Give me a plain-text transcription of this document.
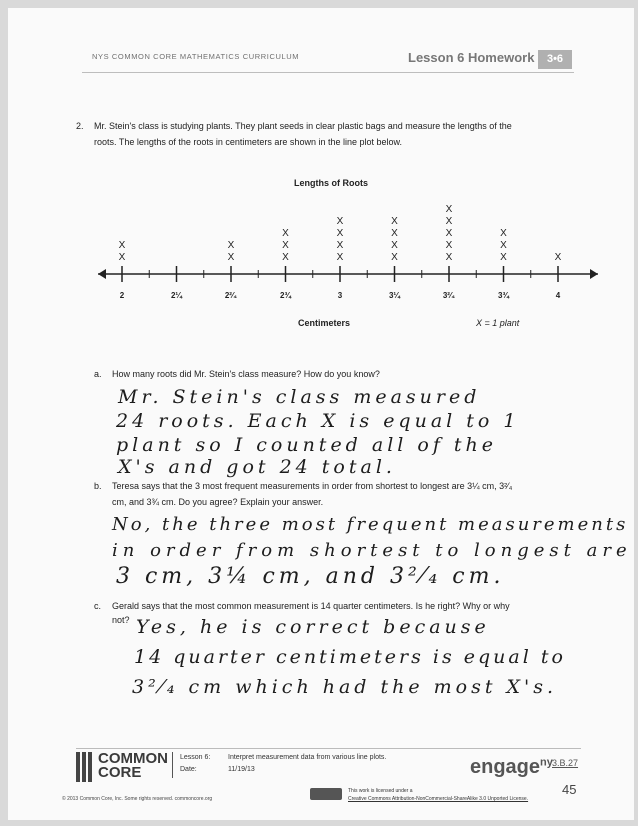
NYS COMMON CORE MATHEMATICS CURRICULUM	Lesson 6 Homework	3•6
2. Mr. Stein's class is studying plants. They plant seeds in clear plastic bags and measure the lengths of the
roots. The lengths of the roots in centimeters are shown in the line plot below.
Lengths of Roots
2
X
X
2¼	2²⁄₄
X
X
2¾
X
X
X
3
X
X
X
X
3¼
X
X
X
X
3²⁄₄
X
X
X
X
X
3¾
X
X
X
4
X
Centimeters	X = 1 plant
a. How many roots did Mr. Stein's class measure? How do you know?
Mr. Stein's class measured
24 roots. Each X is equal to 1
plant so I counted all of the
X's and got 24 total.
b. Teresa says that the 3 most frequent measurements in order from shortest to longest are 3¼ cm, 3²⁄₄
cm, and 3¾ cm. Do you agree? Explain your answer.
No, the three most frequent measurements
in order from shortest to longest are
3 cm, 3¼ cm, and 3²⁄₄ cm.
c. Gerald says that the most common measurement is 14 quarter centimeters. Is he right? Why or why
not? Yes, he is correct because
14 quarter centimeters is equal to
3²⁄₄ cm which had the most X's.
COMMON
CORE
Lesson 6:
Date:
Interpret measurement data from various line plots.
11/19/13	engage$^{ny}$ 3.B.27
45
© 2013 Common Core, Inc. Some rights reserved. commoncore.org
This work is licensed under a
Creative Commons Attribution-NonCommercial-ShareAlike 3.0 Unported License.
